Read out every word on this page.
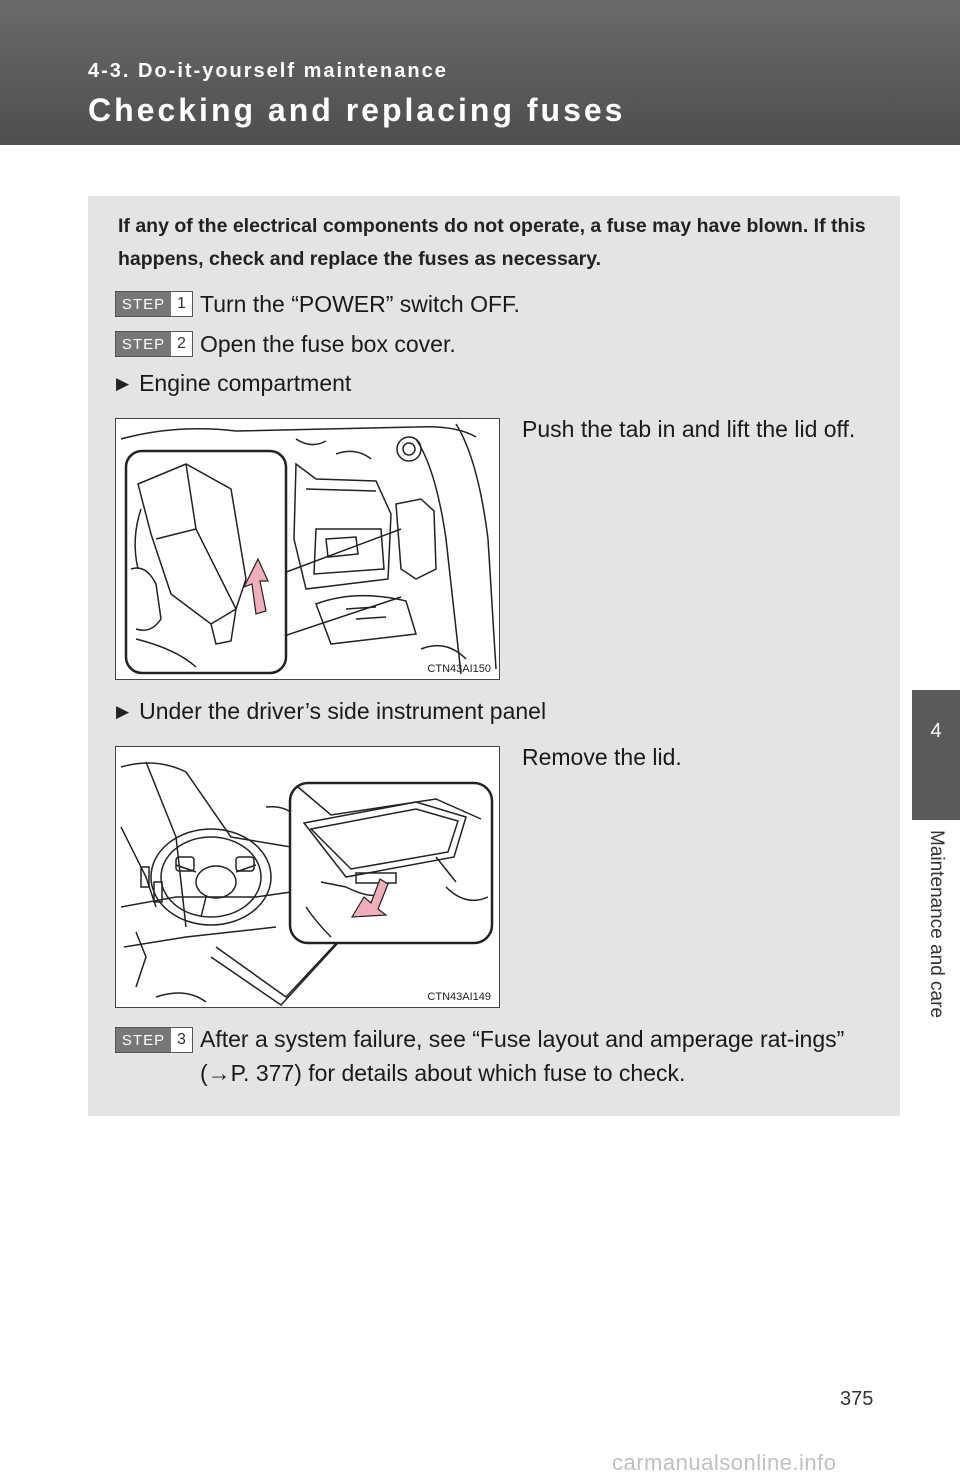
4-3. Do-it-yourself maintenance
Checking and replacing fuses
4
Maintenance and care
If any of the electrical components do not operate, a fuse may have blown. If this happens, check and replace the fuses as necessary.
STEP 1 Turn the “POWER” switch OFF.
STEP 2 Open the fuse box cover.
▶ Engine compartment
Push the tab in and lift the lid off.
CTN43AI150
▶ Under the driver’s side instrument panel
Remove the lid.
CTN43AI149
STEP 3 After a system failure, see “Fuse layout and amperage rat-ings” (→P. 377) for details about which fuse to check.
375
carmanualsonline.info
